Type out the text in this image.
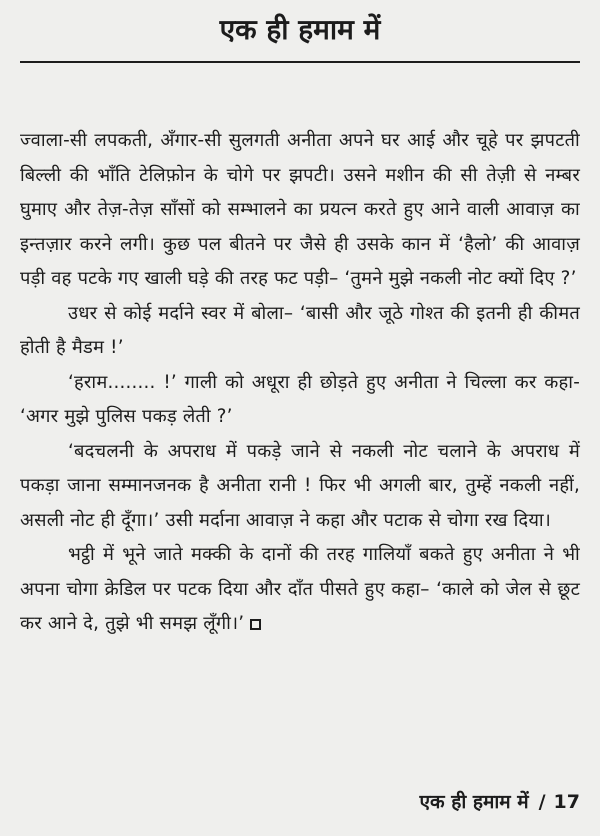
एक ही हमाम में

ज्वाला-सी लपकती, अँगार-सी सुलगती अनीता अपने घर आई और चूहे पर झपटती बिल्ली की भाँति टेलिफ़ोन के चोगे पर झपटी। उसने मशीन की सी तेज़ी से नम्बर घुमाए और तेज़-तेज़ साँसों को सम्भालने का प्रयत्न करते हुए आने वाली आवाज़ का इन्तज़ार करने लगी। कुछ पल बीतने पर जैसे ही उसके कान में ‘हैलो’ की आवाज़ पड़ी वह पटके गए खाली घड़े की तरह फट पड़ी– ‘तुमने मुझे नकली नोट क्यों दिए ?’

उधर से कोई मर्दाने स्वर में बोला– ‘बासी और जूठे गोश्त की इतनी ही कीमत होती है मैडम !’

‘हराम........ !’ गाली को अधूरा ही छोड़ते हुए अनीता ने चिल्ला कर कहा- ‘अगर मुझे पुलिस पकड़ लेती ?’

‘बदचलनी के अपराध में पकड़े जाने से नकली नोट चलाने के अपराध में पकड़ा जाना सम्मानजनक है अनीता रानी ! फिर भी अगली बार, तुम्हें नकली नहीं, असली नोट ही दूँगा।’ उसी मर्दाना आवाज़ ने कहा और पटाक से चोगा रख दिया।

भट्ठी में भूने जाते मक्की के दानों की तरह गालियाँ बकते हुए अनीता ने भी अपना चोगा क्रेडिल पर पटक दिया और दाँत पीसते हुए कहा– ‘काले को जेल से छूट कर आने दे, तुझे भी समझ लूँगी।’

एक ही हमाम में / 17
